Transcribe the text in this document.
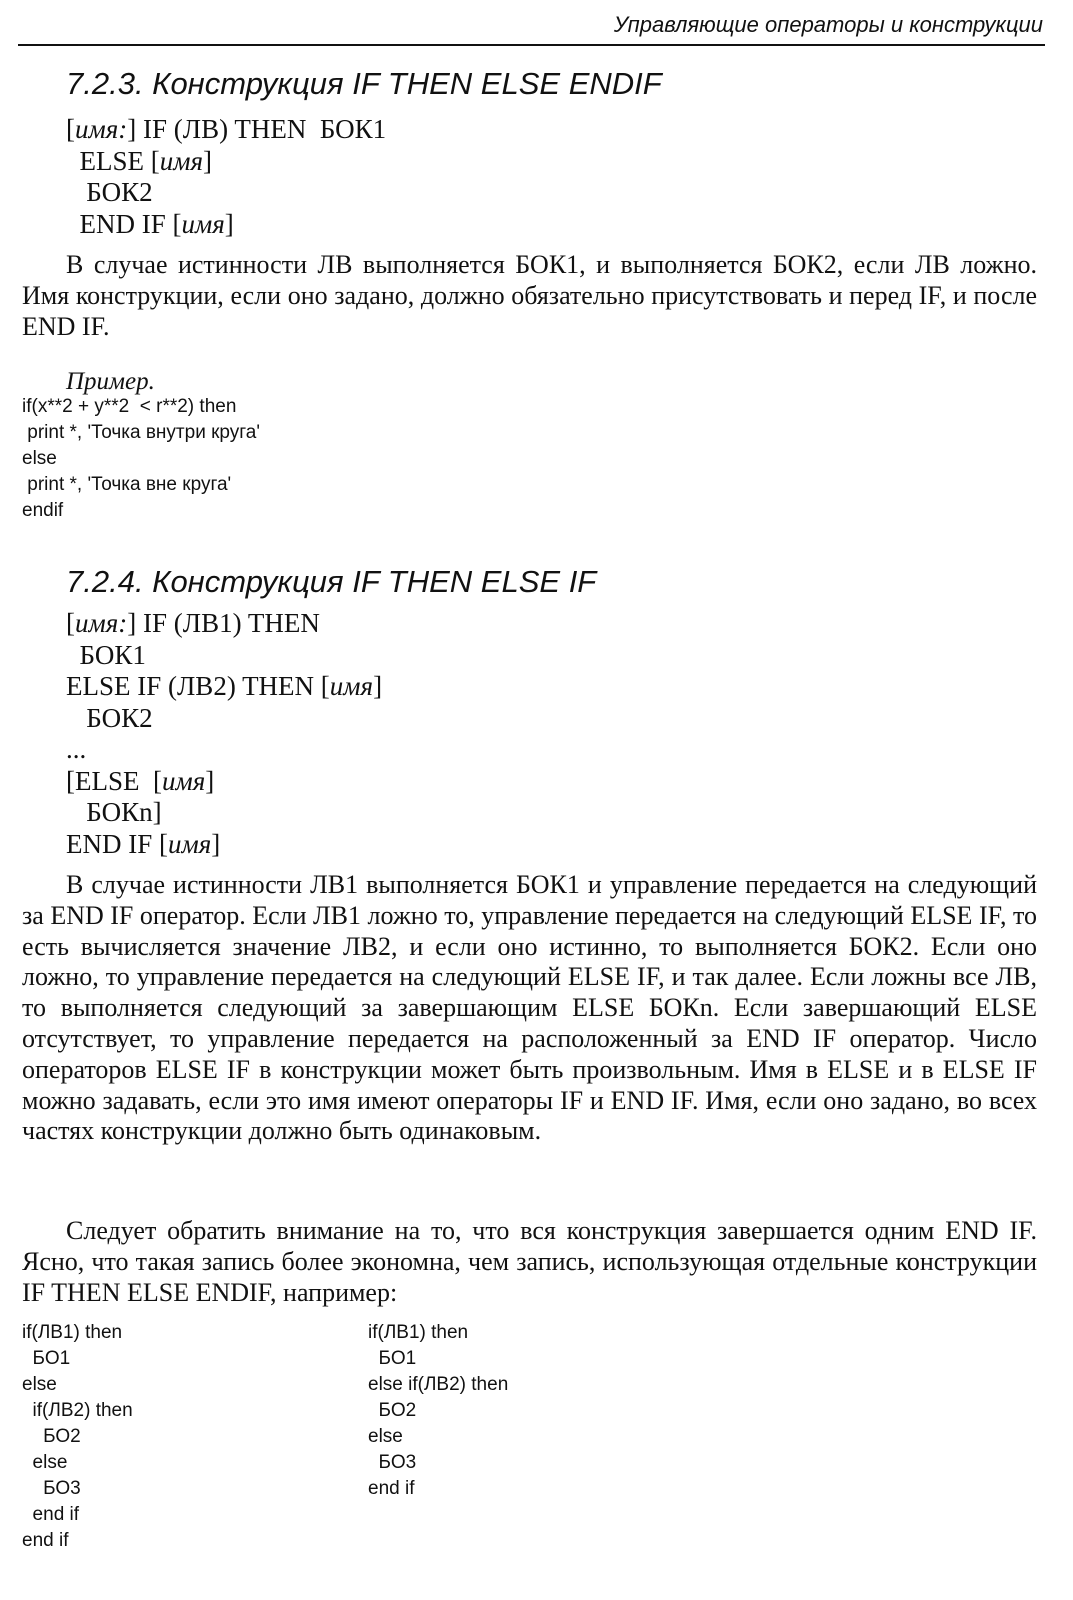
Управляющие операторы и конструкции
7.2.3. Конструкция IF THEN ELSE ENDIF
[имя:] IF (ЛВ) THEN  БОК1
ELSE [имя]
БОК2
END IF [имя]
В случае истинности ЛВ выполняется БОК1, и выполняется БОК2, если ЛВ ложно. Имя конструкции, если оно задано, должно обязательно присутствовать и перед IF, и после END IF.
Пример.
if(x**2 + y**2  < r**2) then
print *, 'Точка внутри круга'
else
print *, 'Точка вне круга'
endif
7.2.4. Конструкция IF THEN ELSE IF
[имя:] IF (ЛВ1) THEN
БОК1
ELSE IF (ЛВ2) THEN [имя]
БОК2
...
[ELSE  [имя]
БОКn]
END IF [имя]
В случае истинности ЛВ1 выполняется БОК1 и управление передается на следующий за END IF оператор. Если ЛВ1 ложно то, управление передается на следующий ELSE IF, то есть вычисляется значение ЛВ2, и если оно истинно, то выполняется БОК2. Если оно ложно, то управление передается на следующий ELSE IF, и так далее. Если ложны все ЛВ, то выполняется следующий за завершающим ELSE БОКn. Если завершающий ELSE отсутствует, то управление передается на расположенный за END IF оператор. Число операторов ELSE IF в конструкции может быть произвольным. Имя в ELSE и в ELSE IF можно задавать, если это имя имеют операторы IF и END IF. Имя, если оно задано, во всех частях конструкции должно быть одинаковым.
Следует обратить внимание на то, что вся конструкция завершается одним END IF. Ясно, что такая запись более экономна, чем запись, использующая отдельные конструкции IF THEN ELSE ENDIF, например:
if(ЛВ1) then
БО1
else
if(ЛВ2) then
БО2
else
БО3
end if
end if
if(ЛВ1) then
БО1
else if(ЛВ2) then
БО2
else
БО3
end if
